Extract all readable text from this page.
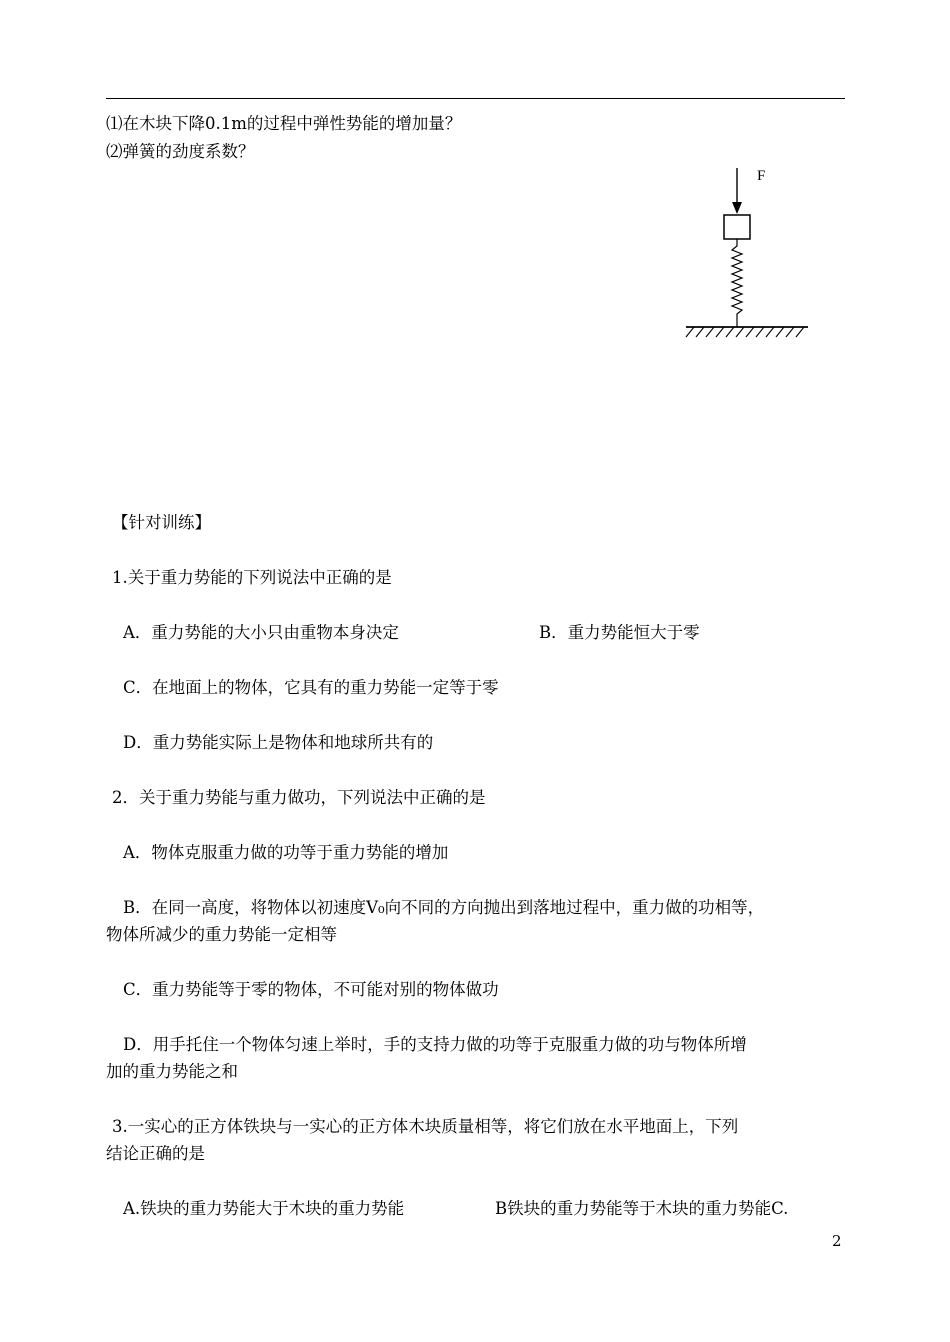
⑴在木块下降0.1m的过程中弹性势能的增加量？
⑵弹簧的劲度系数？
F
【针对训练】
1.关于重力势能的下列说法中正确的是
A．重力势能的大小只由重物本身决定	B．重力势能恒大于零
C．在地面上的物体，它具有的重力势能一定等于零
D．重力势能实际上是物体和地球所共有的
2．关于重力势能与重力做功，下列说法中正确的是
A．物体克服重力做的功等于重力势能的增加
B．在同一高度，将物体以初速度V₀向不同的方向抛出到落地过程中，重力做的功相等，
物体所减少的重力势能一定相等
C．重力势能等于零的物体，不可能对别的物体做功
D．用手托住一个物体匀速上举时，手的支持力做的功等于克服重力做的功与物体所增
加的重力势能之和
3.一实心的正方体铁块与一实心的正方体木块质量相等，将它们放在水平地面上，下列
结论正确的是
A.铁块的重力势能大于木块的重力势能	B铁块的重力势能等于木块的重力势能C.
2
